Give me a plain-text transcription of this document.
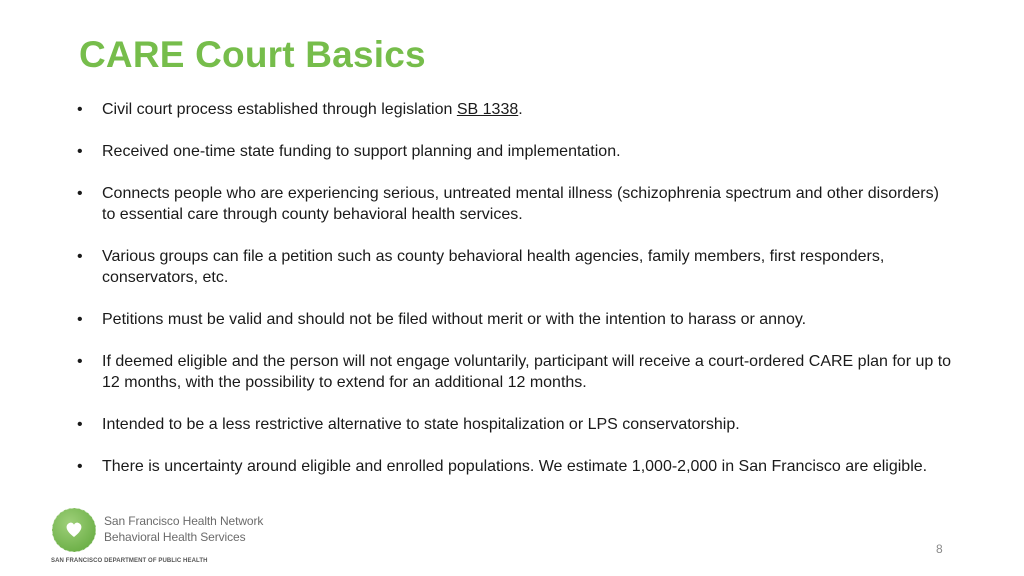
CARE Court Basics
• Civil court process established through legislation SB 1338.
• Received one-time state funding to support planning and implementation.
• Connects people who are experiencing serious, untreated mental illness (schizophrenia spectrum and other disorders) to essential care through county behavioral health services.
• Various groups can file a petition such as county behavioral health agencies, family members, first responders, conservators, etc.
• Petitions must be valid and should not be filed without merit or with the intention to harass or annoy.
• If deemed eligible and the person will not engage voluntarily, participant will receive a court-ordered CARE plan for up to 12 months, with the possibility to extend for an additional 12 months.
• Intended to be a less restrictive alternative to state hospitalization or LPS conservatorship.
• There is uncertainty around eligible and enrolled populations. We estimate 1,000-2,000 in San Francisco are eligible.
San Francisco Health Network
Behavioral Health Services
SAN FRANCISCO DEPARTMENT OF PUBLIC HEALTH
8
